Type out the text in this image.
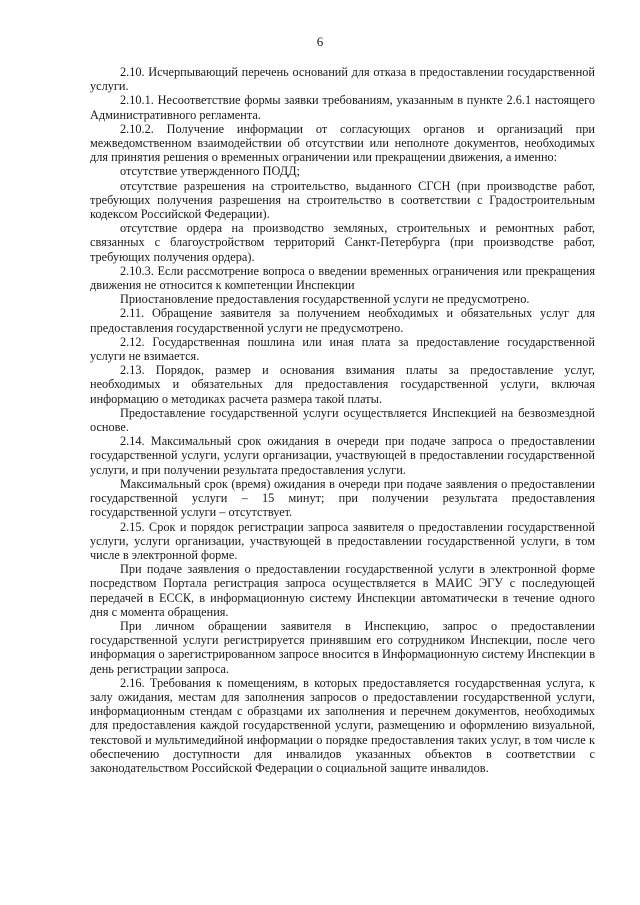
6

2.10. Исчерпывающий перечень оснований для отказа в предоставлении государственной услуги.

2.10.1. Несоответствие формы заявки требованиям, указанным в пункте 2.6.1 настоящего Административного регламента.

2.10.2. Получение информации от согласующих органов и организаций при межведомственном взаимодействии об отсутствии или неполноте документов, необходимых для принятия решения о временных ограничении или прекращении движения, а именно:

отсутствие утвержденного ПОДД;

отсутствие разрешения на строительство, выданного СГСН (при производстве работ, требующих получения разрешения на строительство в соответствии с Градостроительным кодексом Российской Федерации).

отсутствие ордера на производство земляных, строительных и ремонтных работ, связанных с благоустройством территорий Санкт-Петербурга (при производстве работ, требующих получения ордера).

2.10.3. Если рассмотрение вопроса о введении временных ограничения или прекращения движения не относится к компетенции Инспекции

Приостановление предоставления государственной услуги не предусмотрено.

2.11. Обращение заявителя за получением необходимых и обязательных услуг для предоставления государственной услуги не предусмотрено.

2.12. Государственная пошлина или иная плата за предоставление государственной услуги не взимается.

2.13. Порядок, размер и основания взимания платы за предоставление услуг, необходимых и обязательных для предоставления государственной услуги, включая информацию о методиках расчета размера такой платы.

Предоставление государственной услуги осуществляется Инспекцией на безвозмездной основе.

2.14. Максимальный срок ожидания в очереди при подаче запроса о предоставлении государственной услуги, услуги организации, участвующей в предоставлении государственной услуги, и при получении результата предоставления услуги.

Максимальный срок (время) ожидания в очереди при подаче заявления о предоставлении государственной услуги – 15 минут; при получении результата предоставления государственной услуги – отсутствует.

2.15. Срок и порядок регистрации запроса заявителя о предоставлении государственной услуги, услуги организации, участвующей в предоставлении государственной услуги, в том числе в электронной форме.

При подаче заявления о предоставлении государственной услуги в электронной форме посредством Портала регистрация запроса осуществляется в МАИС ЭГУ с последующей передачей в ЕССК, в информационную систему Инспекции автоматически в течение одного дня с момента обращения.

При личном обращении заявителя в Инспекцию, запрос о предоставлении государственной услуги регистрируется принявшим его сотрудником Инспекции, после чего информация о зарегистрированном запросе вносится в Информационную систему Инспекции в день регистрации запроса.

2.16. Требования к помещениям, в которых предоставляется государственная услуга, к залу ожидания, местам для заполнения запросов о предоставлении государственной услуги, информационным стендам с образцами их заполнения и перечнем документов, необходимых для предоставления каждой государственной услуги, размещению и оформлению визуальной, текстовой и мультимедийной информации о порядке предоставления таких услуг, в том числе к обеспечению доступности для инвалидов указанных объектов в соответствии с законодательством Российской Федерации о социальной защите инвалидов.
